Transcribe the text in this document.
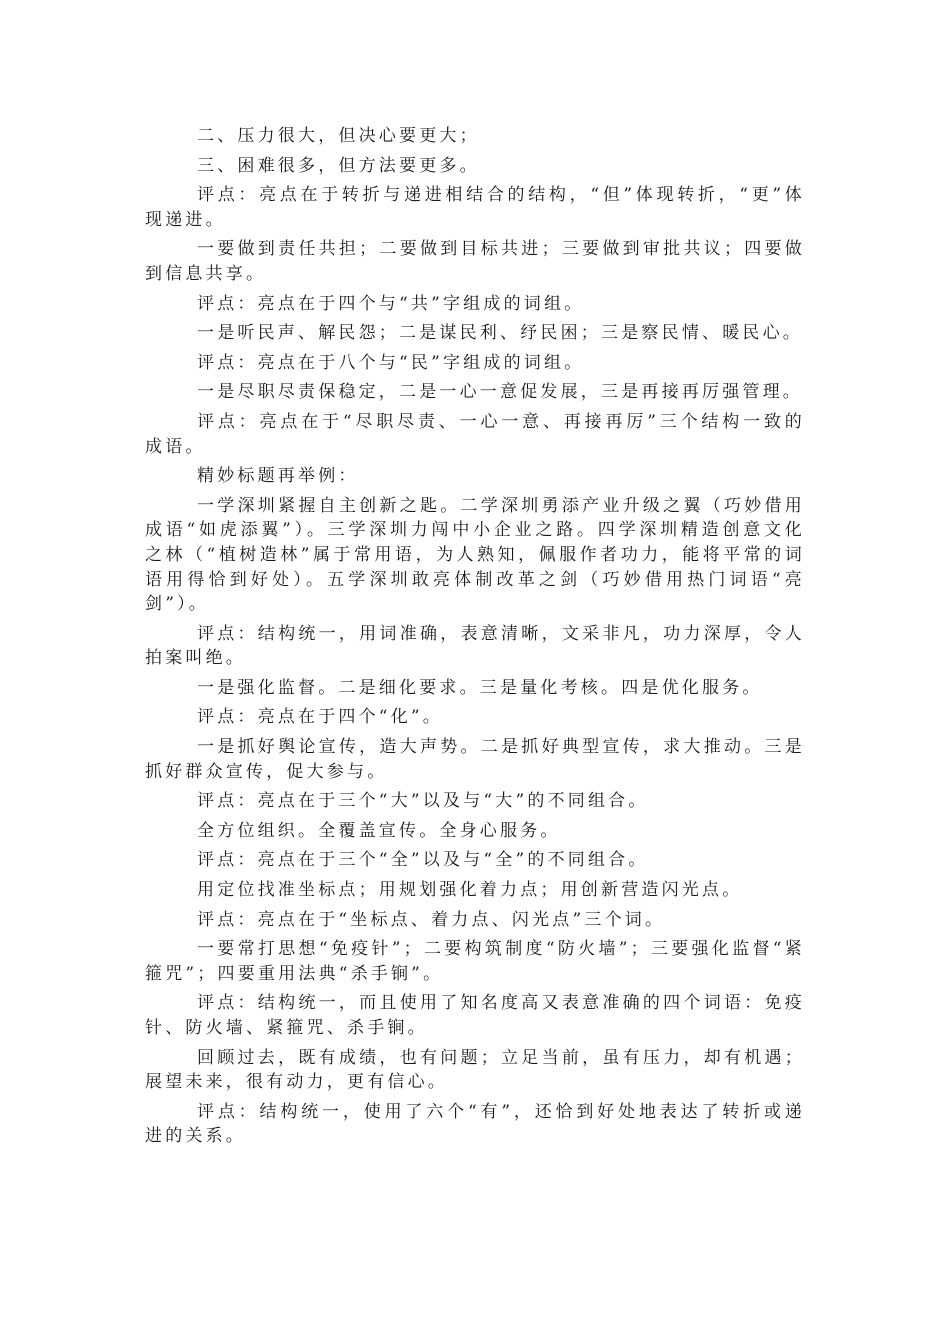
二、压力很大，但决心要更大；

三、困难很多，但方法要更多。

评点：亮点在于转折与递进相结合的结构，“但”体现转折，“更”体现递进。

一要做到责任共担；二要做到目标共进；三要做到审批共议；四要做到信息共享。

评点：亮点在于四个与“共”字组成的词组。

一是听民声、解民怨；二是谋民利、纾民困；三是察民情、暖民心。

评点：亮点在于八个与“民”字组成的词组。

一是尽职尽责保稳定，二是一心一意促发展，三是再接再厉强管理。

评点：亮点在于“尽职尽责、一心一意、再接再厉”三个结构一致的成语。

精妙标题再举例：

一学深圳紧握自主创新之匙。二学深圳勇添产业升级之翼（巧妙借用成语“如虎添翼”）。三学深圳力闯中小企业之路。四学深圳精造创意文化之林（“植树造林”属于常用语，为人熟知，佩服作者功力，能将平常的词语用得恰到好处）。五学深圳敢亮体制改革之剑（巧妙借用热门词语“亮剑”）。

评点：结构统一，用词准确，表意清晰，文采非凡，功力深厚，令人拍案叫绝。

一是强化监督。二是细化要求。三是量化考核。四是优化服务。

评点：亮点在于四个“化”。

一是抓好舆论宣传，造大声势。二是抓好典型宣传，求大推动。三是抓好群众宣传，促大参与。

评点：亮点在于三个“大”以及与“大”的不同组合。

全方位组织。全覆盖宣传。全身心服务。

评点：亮点在于三个“全”以及与“全”的不同组合。

用定位找准坐标点；用规划强化着力点；用创新营造闪光点。

评点：亮点在于“坐标点、着力点、闪光点”三个词。

一要常打思想“免疫针”；二要构筑制度“防火墙”；三要强化监督“紧箍咒”；四要重用法典“杀手锏”。

评点：结构统一，而且使用了知名度高又表意准确的四个词语：免疫针、防火墙、紧箍咒、杀手锏。

回顾过去，既有成绩，也有问题；立足当前，虽有压力，却有机遇；展望未来，很有动力，更有信心。

评点：结构统一，使用了六个“有”，还恰到好处地表达了转折或递进的关系。
